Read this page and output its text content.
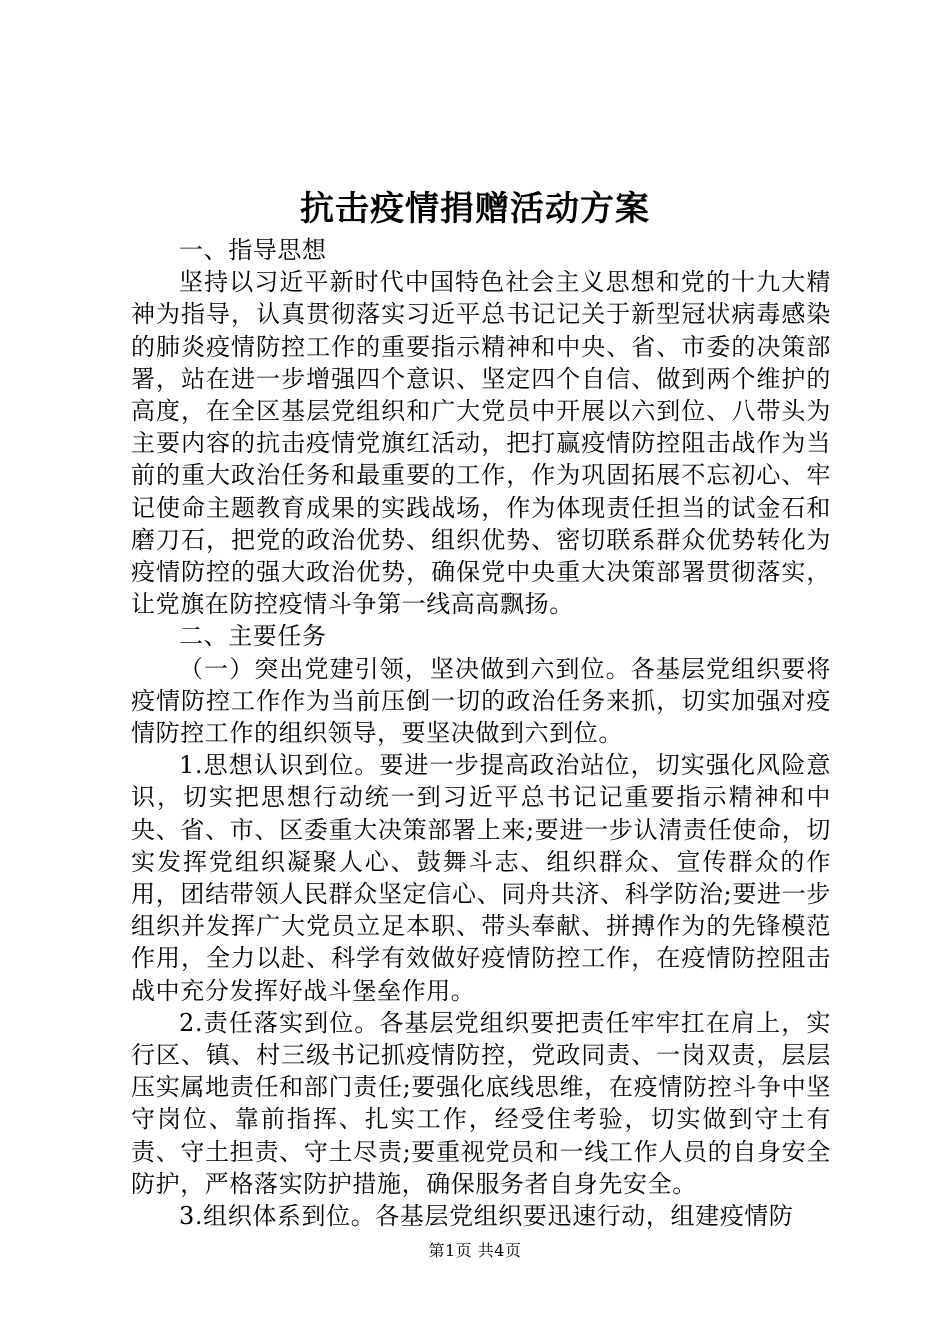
抗击疫情捐赠活动方案

一、指导思想

坚持以习近平新时代中国特色社会主义思想和党的十九大精神为指导，认真贯彻落实习近平总书记记关于新型冠状病毒感染的肺炎疫情防控工作的重要指示精神和中央、省、市委的决策部署，站在进一步增强四个意识、坚定四个自信、做到两个维护的高度，在全区基层党组织和广大党员中开展以六到位、八带头为主要内容的抗击疫情党旗红活动，把打赢疫情防控阻击战作为当前的重大政治任务和最重要的工作，作为巩固拓展不忘初心、牢记使命主题教育成果的实践战场，作为体现责任担当的试金石和磨刀石，把党的政治优势、组织优势、密切联系群众优势转化为疫情防控的强大政治优势，确保党中央重大决策部署贯彻落实，让党旗在防控疫情斗争第一线高高飘扬。

二、主要任务

（一）突出党建引领，坚决做到六到位。各基层党组织要将疫情防控工作作为当前压倒一切的政治任务来抓，切实加强对疫情防控工作的组织领导，要坚决做到六到位。

1.思想认识到位。要进一步提高政治站位，切实强化风险意识，切实把思想行动统一到习近平总书记记重要指示精神和中央、省、市、区委重大决策部署上来;要进一步认清责任使命，切实发挥党组织凝聚人心、鼓舞斗志、组织群众、宣传群众的作用，团结带领人民群众坚定信心、同舟共济、科学防治;要进一步组织并发挥广大党员立足本职、带头奉献、拼搏作为的先锋模范作用，全力以赴、科学有效做好疫情防控工作，在疫情防控阻击战中充分发挥好战斗堡垒作用。

2.责任落实到位。各基层党组织要把责任牢牢扛在肩上，实行区、镇、村三级书记抓疫情防控，党政同责、一岗双责，层层压实属地责任和部门责任;要强化底线思维，在疫情防控斗争中坚守岗位、靠前指挥、扎实工作，经受住考验，切实做到守土有责、守土担责、守土尽责;要重视党员和一线工作人员的自身安全防护，严格落实防护措施，确保服务者自身先安全。

3.组织体系到位。各基层党组织要迅速行动，组建疫情防

第1页 共4页
